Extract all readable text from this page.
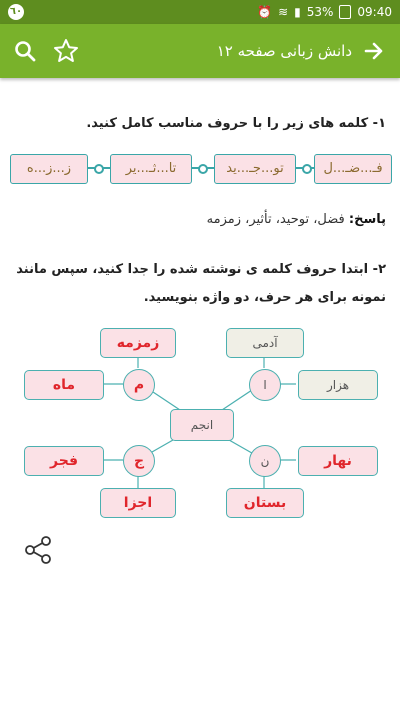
٦٠	⏰ ≋ ▮ 53% 09:40
دانش زبانی صفحه ۱۲
۱- کلمه های زیر را با حروف مناسب کامل کنید.
ز...ز...ه	تا...ثـ...یر	تو...جـ...ید	فـ...ضـ...ل
پاسخ: فضل، توحید، تأثیر، زمزمه
۲- ابتدا حروف کلمه ی نوشته شده را جدا کنید، سپس مانند
نمونه برای هر حرف، دو واژه بنویسید.
انجم
م	ا
ج	ن
زمزمه
ماه
آدمی
هزار
فجر
اجزا
نهار
بستان
